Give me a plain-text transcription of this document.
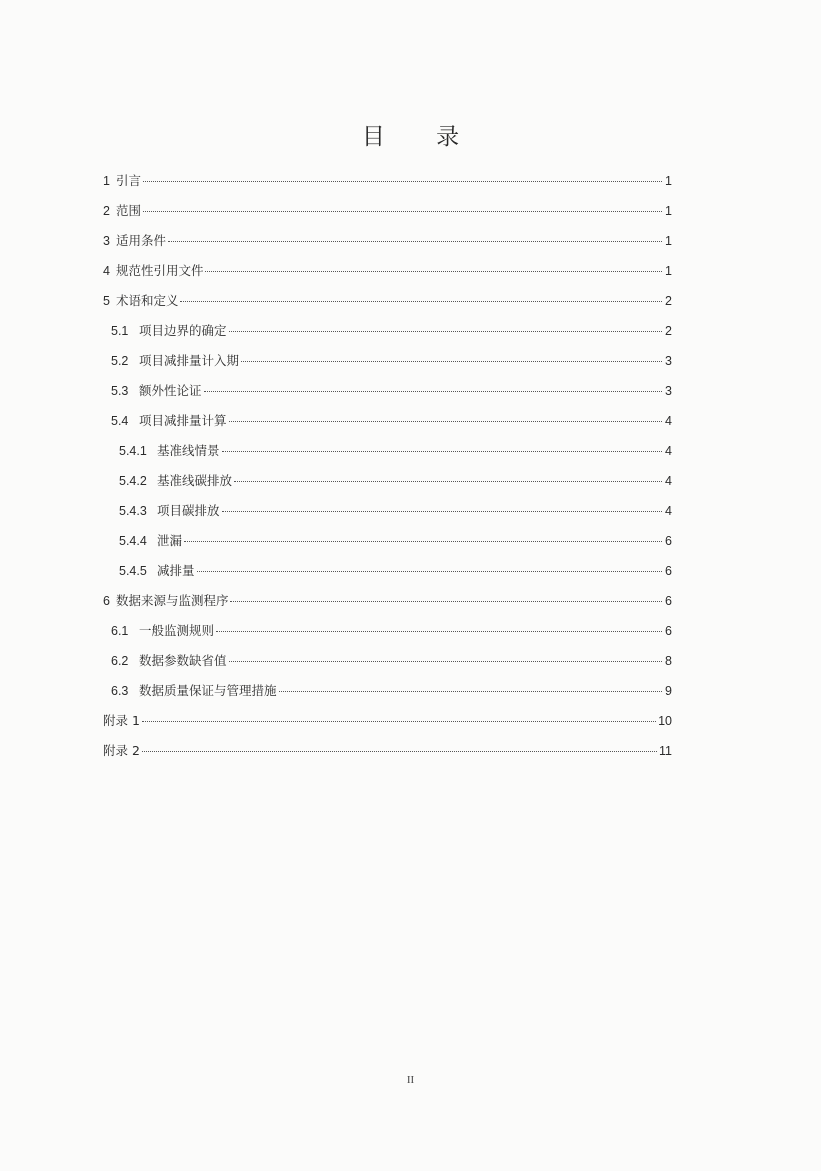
目 录
1 引言	1
2 范围	1
3 适用条件	1
4 规范性引用文件	1
5 术语和定义	2
5.1 项目边界的确定	2
5.2 项目减排量计入期	3
5.3 额外性论证	3
5.4 项目减排量计算	4
5.4.1 基准线情景	4
5.4.2 基准线碳排放	4
5.4.3 项目碳排放	4
5.4.4 泄漏	6
5.4.5 减排量	6
6 数据来源与监测程序	6
6.1 一般监测规则	6
6.2 数据参数缺省值	8
6.3 数据质量保证与管理措施	9
附录 1	10
附录 2	11
II
